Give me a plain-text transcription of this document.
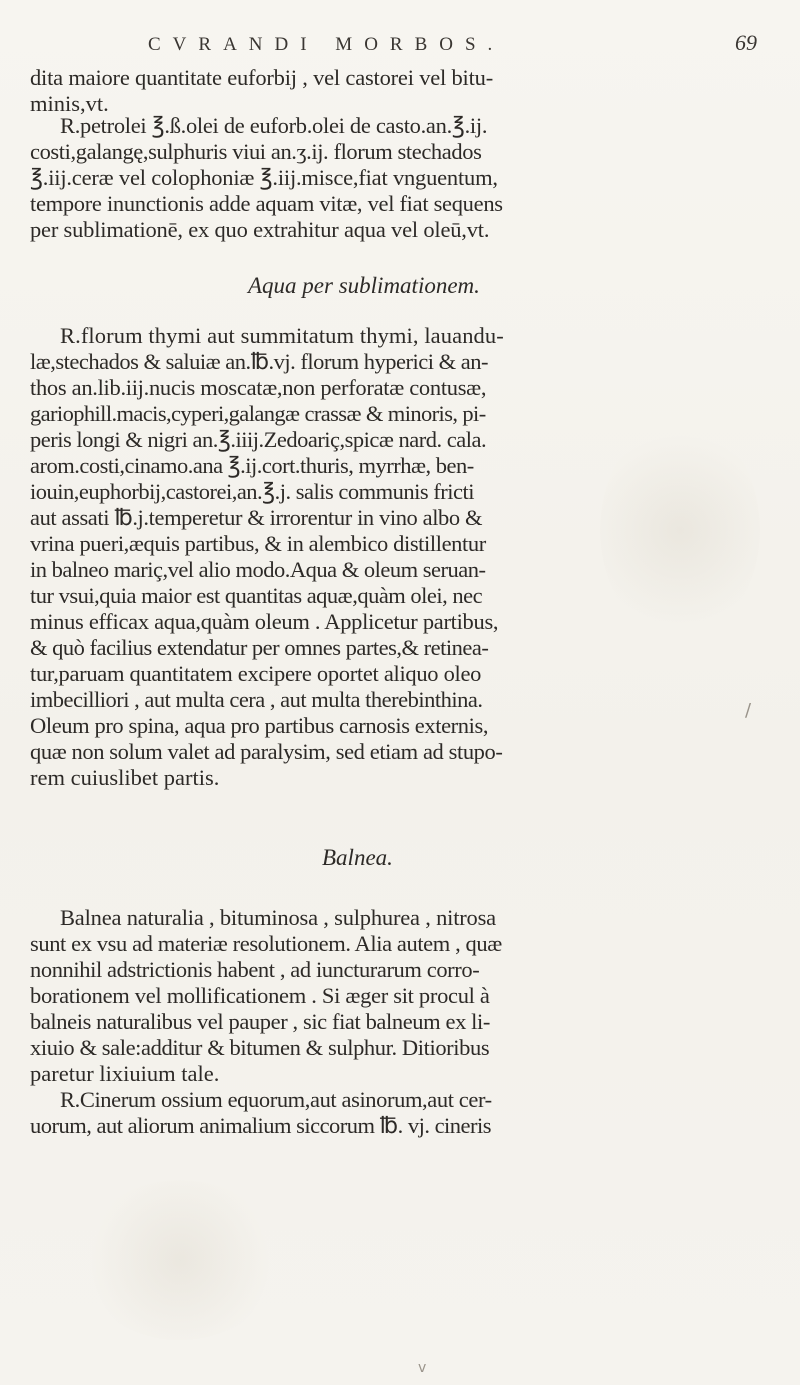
CVRANDI MORBOS.	69
dita maiore quantitate euforbij , vel castorei vel bitu-
minis,vt.
R.petrolei ℥.ß.olei de euforb.olei de casto.an.℥.ij.
costi,galangę,sulphuris viui an.ʒ.ij. florum stechados
℥.iij.ceræ vel colophoniæ ℥.iij.misce,fiat vnguentum,
tempore inunctionis adde aquam vitæ, vel fiat sequens
per sublimationē, ex quo extrahitur aqua vel oleū,vt.
Aqua per sublimationem.
R.florum thymi aut summitatum thymi, lauandu-
læ,stechados & saluiæ an.℔.vj. florum hyperici & an-
thos an.lib.iij.nucis moscatæ,non perforatæ contusæ,
gariophill.macis,cyperi,galangæ crassæ & minoris, pi-
peris longi & nigri an.℥.iiij.Zedoariç,spicæ nard. cala.
arom.costi,cinamo.ana ℥.ij.cort.thuris, myrrhæ, ben-
iouin,euphorbij,castorei,an.℥.j. salis communis fricti
aut assati ℔.j.temperetur & irrorentur in vino albo &
vrina pueri,æquis partibus, & in alembico distillentur
in balneo mariç,vel alio modo.Aqua & oleum seruan-
tur vsui,quia maior est quantitas aquæ,quàm olei, nec
minus efficax aqua,quàm oleum . Applicetur partibus,
& quò facilius extendatur per omnes partes,& retinea-
tur,paruam quantitatem excipere oportet aliquo oleo
imbecilliori , aut multa cera , aut multa therebinthina.
Oleum pro spina, aqua pro partibus carnosis externis,
quæ non solum valet ad paralysim, sed etiam ad stupo-
rem cuiuslibet partis.
Balnea.
Balnea naturalia , bituminosa , sulphurea , nitrosa
sunt ex vsu ad materiæ resolutionem. Alia autem , quæ
nonnihil adstrictionis habent , ad iuncturarum corro-
borationem vel mollificationem . Si æger sit procul à
balneis naturalibus vel pauper , sic fiat balneum ex li-
xiuio & sale:additur & bitumen & sulphur. Ditioribus
paretur lixiuium tale.
R.Cinerum ossium equorum,aut asinorum,aut cer-
uorum, aut aliorum animalium siccorum ℔. vj. cineris
/
v
